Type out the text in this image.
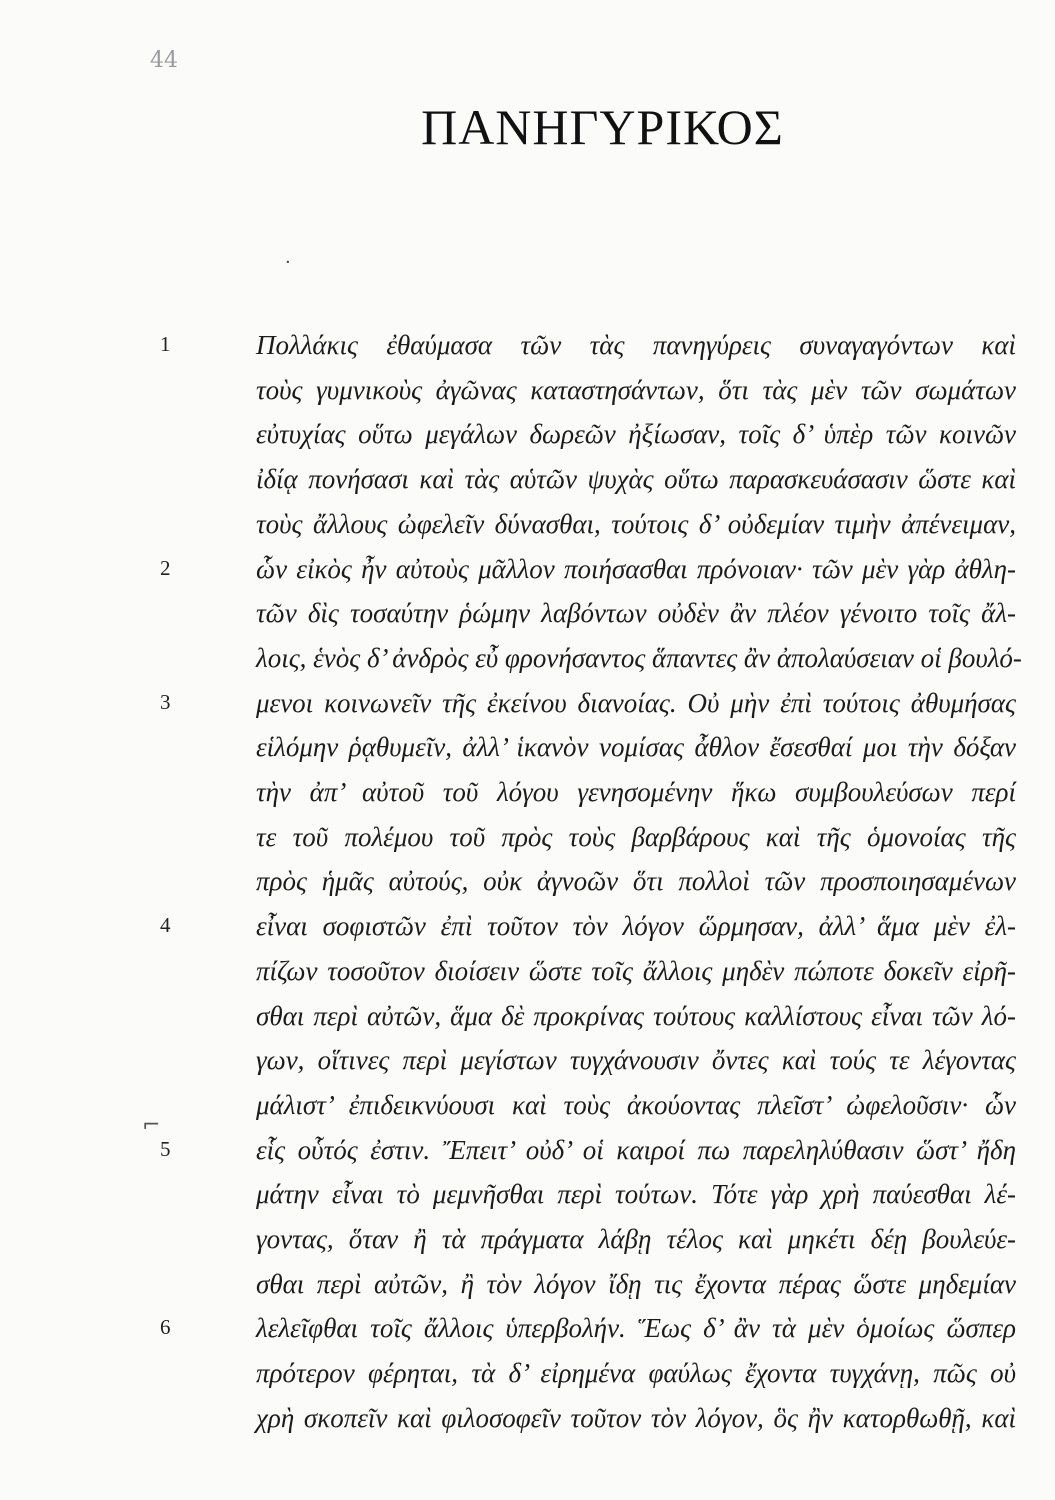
44
ΠΑΝΗΓΥΡΙΚΟΣ
·
⌐
1	Πολλάκις ἐθαύμασα τῶν τὰς πανηγύρεις συναγαγόντων καὶ
τοὺς γυμνικοὺς ἀγῶνας καταστησάντων, ὅτι τὰς μὲν τῶν σωμάτων
εὐτυχίας οὕτω μεγάλων δωρεῶν ἠξίωσαν, τοῖς δ’ ὑπὲρ τῶν κοινῶν
ἰδίᾳ πονήσασι καὶ τὰς αὑτῶν ψυχὰς οὕτω παρασκευάσασιν ὥστε καὶ
τοὺς ἄλλους ὠφελεῖν δύνασθαι, τούτοις δ’ οὐδεμίαν τιμὴν ἀπένειμαν,
2	ὧν εἰκὸς ἦν αὐτοὺς μᾶλλον ποιήσασθαι πρόνοιαν· τῶν μὲν γὰρ ἀθλη-
τῶν δὶς τοσαύτην ῥώμην λαβόντων οὐδὲν ἂν πλέον γένοιτο τοῖς ἄλ-
λοις, ἑνὸς δ’ ἀνδρὸς εὖ φρονήσαντος ἅπαντες ἂν ἀπολαύσειαν οἱ βουλό-
3	μενοι κοινωνεῖν τῆς ἐκείνου διανοίας. Οὐ μὴν ἐπὶ τούτοις ἀθυμήσας
εἱλόμην ῥᾳθυμεῖν, ἀλλ’ ἱκανὸν νομίσας ἆθλον ἔσεσθαί μοι τὴν δόξαν
τὴν ἀπ’ αὐτοῦ τοῦ λόγου γενησομένην ἥκω συμβουλεύσων περί
τε τοῦ πολέμου τοῦ πρὸς τοὺς βαρβάρους καὶ τῆς ὁμονοίας τῆς
πρὸς ἡμᾶς αὐτούς, οὐκ ἀγνοῶν ὅτι πολλοὶ τῶν προσποιησαμένων
4	εἶναι σοφιστῶν ἐπὶ τοῦτον τὸν λόγον ὥρμησαν, ἀλλ’ ἅμα μὲν ἐλ-
πίζων τοσοῦτον διοίσειν ὥστε τοῖς ἄλλοις μηδὲν πώποτε δοκεῖν εἰρῆ-
σθαι περὶ αὐτῶν, ἅμα δὲ προκρίνας τούτους καλλίστους εἶναι τῶν λό-
γων, οἵτινες περὶ μεγίστων τυγχάνουσιν ὄντες καὶ τούς τε λέγοντας
μάλιστ’ ἐπιδεικνύουσι καὶ τοὺς ἀκούοντας πλεῖστ’ ὠφελοῦσιν· ὧν
5	εἷς οὗτός ἐστιν. Ἔπειτ’ οὐδ’ οἱ καιροί πω παρεληλύθασιν ὥστ’ ἤδη
μάτην εἶναι τὸ μεμνῆσθαι περὶ τούτων. Τότε γὰρ χρὴ παύεσθαι λέ-
γοντας, ὅταν ἢ τὰ πράγματα λάβῃ τέλος καὶ μηκέτι δέῃ βουλεύε-
σθαι περὶ αὐτῶν, ἢ τὸν λόγον ἴδῃ τις ἔχοντα πέρας ὥστε μηδεμίαν
6	λελεῖφθαι τοῖς ἄλλοις ὑπερβολήν. Ἕως δ’ ἂν τὰ μὲν ὁμοίως ὥσπερ
πρότερον φέρηται, τὰ δ’ εἰρημένα φαύλως ἔχοντα τυγχάνῃ, πῶς οὐ
χρὴ σκοπεῖν καὶ φιλοσοφεῖν τοῦτον τὸν λόγον, ὃς ἢν κατορθωθῇ, καὶ
